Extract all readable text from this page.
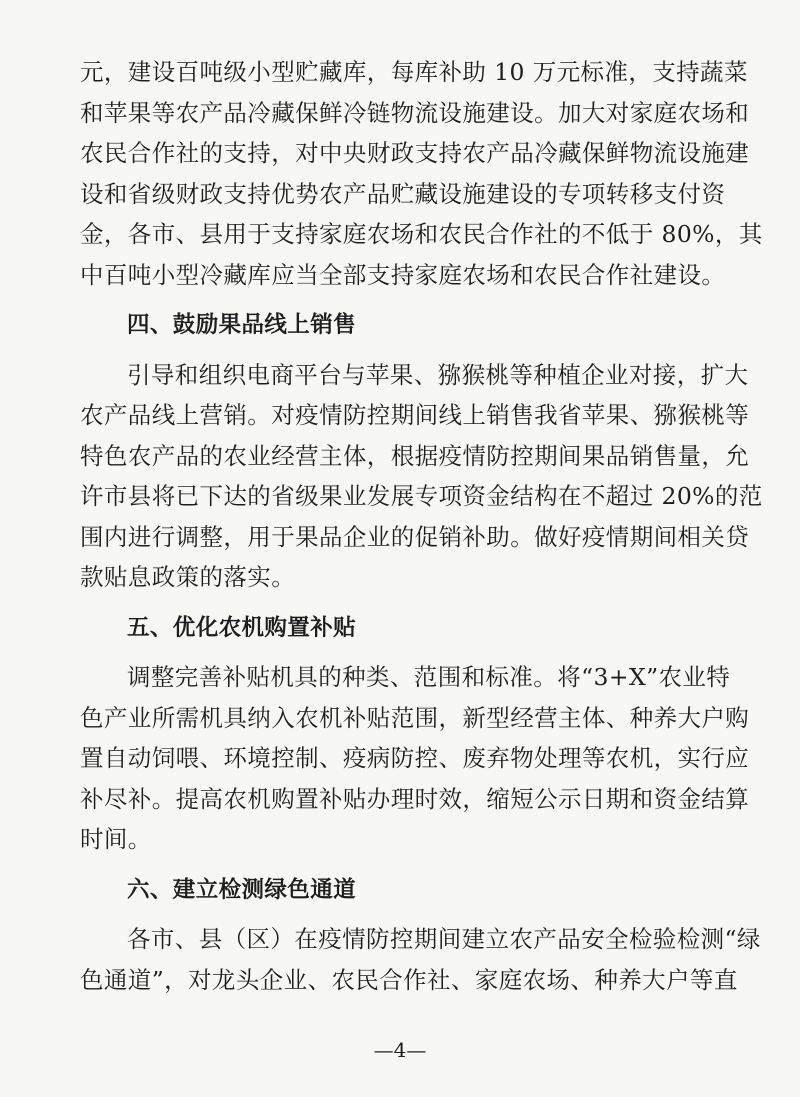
元，建设百吨级小型贮藏库，每库补助 10 万元标准，支持蔬菜
和苹果等农产品冷藏保鲜冷链物流设施建设。加大对家庭农场和
农民合作社的支持，对中央财政支持农产品冷藏保鲜物流设施建
设和省级财政支持优势农产品贮藏设施建设的专项转移支付资
金，各市、县用于支持家庭农场和农民合作社的不低于 80%，其
中百吨小型冷藏库应当全部支持家庭农场和农民合作社建设。
四、鼓励果品线上销售
引导和组织电商平台与苹果、猕猴桃等种植企业对接，扩大
农产品线上营销。对疫情防控期间线上销售我省苹果、猕猴桃等
特色农产品的农业经营主体，根据疫情防控期间果品销售量，允
许市县将已下达的省级果业发展专项资金结构在不超过 20%的范
围内进行调整，用于果品企业的促销补助。做好疫情期间相关贷
款贴息政策的落实。
五、优化农机购置补贴
调整完善补贴机具的种类、范围和标准。将“3+X”农业特
色产业所需机具纳入农机补贴范围，新型经营主体、种养大户购
置自动饲喂、环境控制、疫病防控、废弃物处理等农机，实行应
补尽补。提高农机购置补贴办理时效，缩短公示日期和资金结算
时间。
六、建立检测绿色通道
各市、县（区）在疫情防控期间建立农产品安全检验检测“绿
色通道”，对龙头企业、农民合作社、家庭农场、种养大户等直
—4—
